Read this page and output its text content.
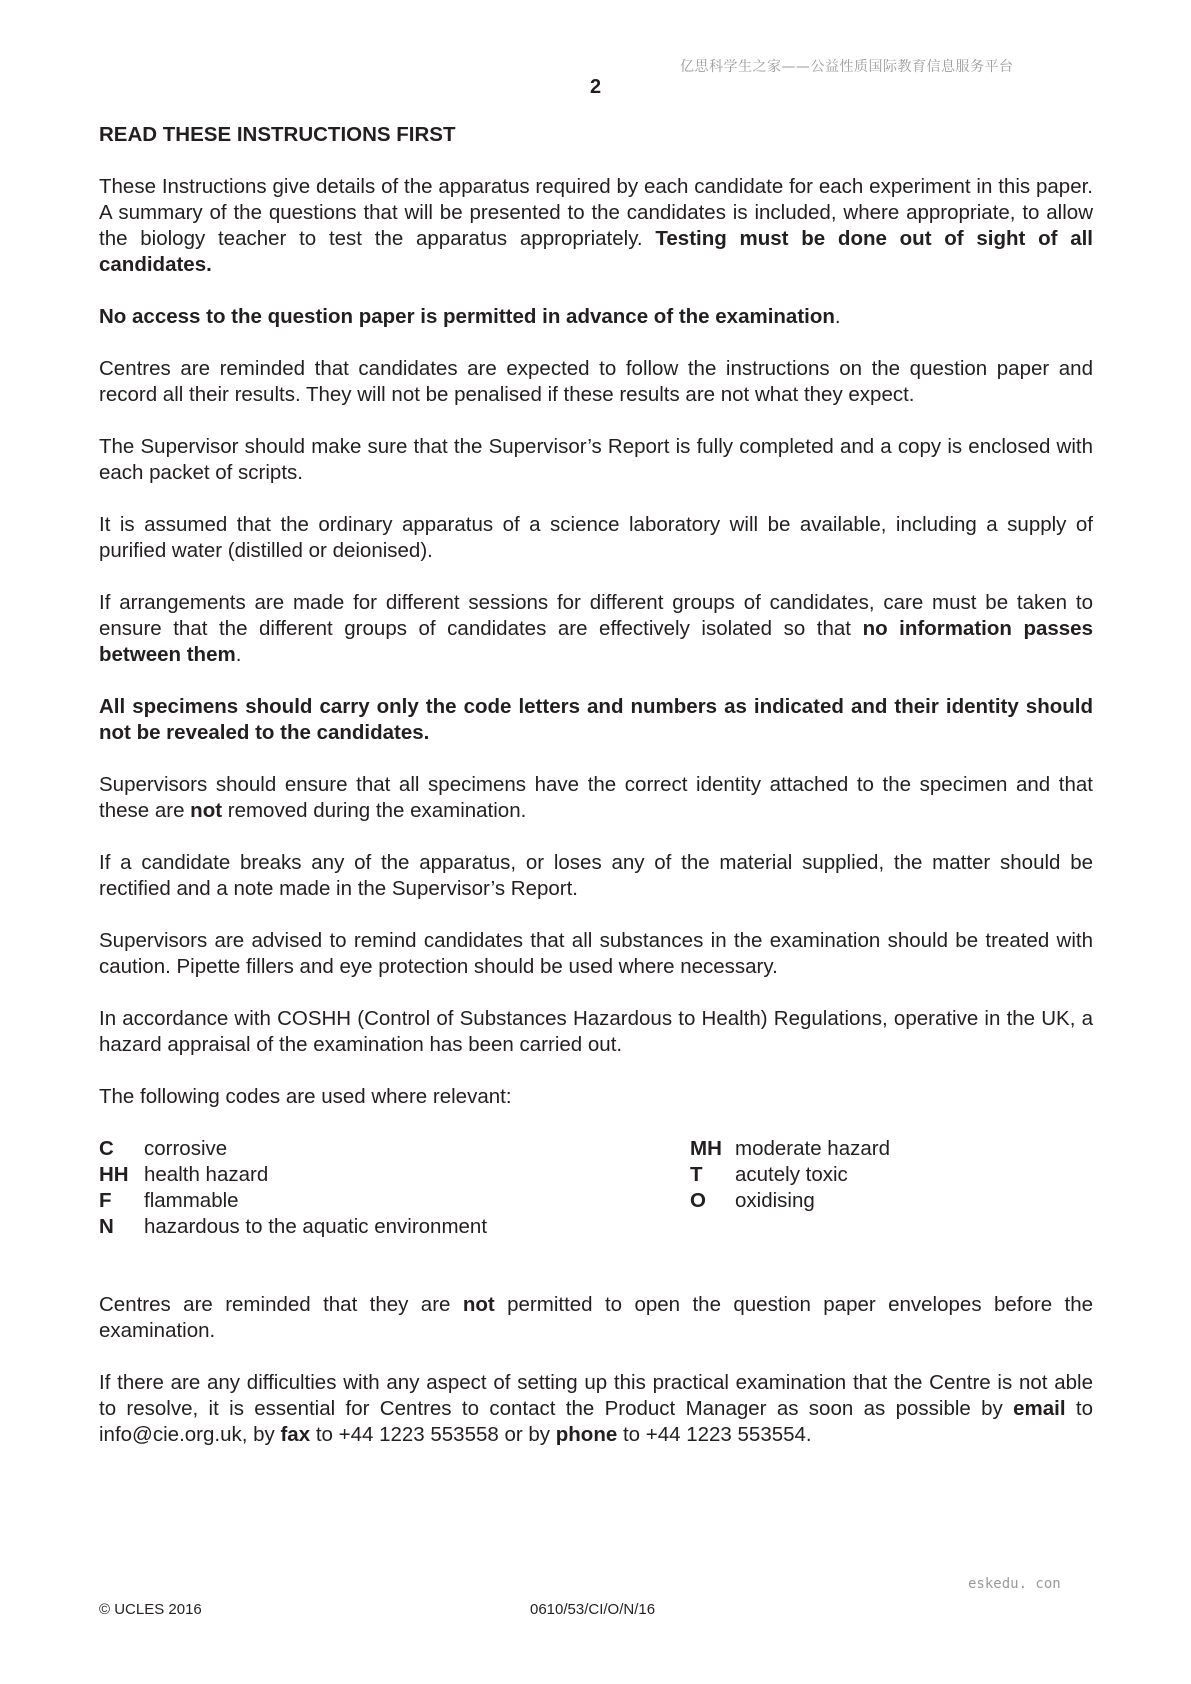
亿思科学生之家——公益性质国际教育信息服务平台
2

READ THESE INSTRUCTIONS FIRST

These Instructions give details of the apparatus required by each candidate for each experiment in this paper. A summary of the questions that will be presented to the candidates is included, where appropriate, to allow the biology teacher to test the apparatus appropriately. Testing must be done out of sight of all candidates.

No access to the question paper is permitted in advance of the examination.

Centres are reminded that candidates are expected to follow the instructions on the question paper and record all their results. They will not be penalised if these results are not what they expect.

The Supervisor should make sure that the Supervisor’s Report is fully completed and a copy is enclosed with each packet of scripts.

It is assumed that the ordinary apparatus of a science laboratory will be available, including a supply of purified water (distilled or deionised).

If arrangements are made for different sessions for different groups of candidates, care must be taken to ensure that the different groups of candidates are effectively isolated so that no information passes between them.

All specimens should carry only the code letters and numbers as indicated and their identity should not be revealed to the candidates.

Supervisors should ensure that all specimens have the correct identity attached to the specimen and that these are not removed during the examination.

If a candidate breaks any of the apparatus, or loses any of the material supplied, the matter should be rectified and a note made in the Supervisor’s Report.

Supervisors are advised to remind candidates that all substances in the examination should be treated with caution. Pipette fillers and eye protection should be used where necessary.

In accordance with COSHH (Control of Substances Hazardous to Health) Regulations, operative in the UK, a hazard appraisal of the examination has been carried out.

The following codes are used where relevant:

C	corrosive
HH health hazard
F	flammable
N	hazardous to the aquatic environment
MH moderate hazard
T	acutely toxic
O	oxidising

Centres are reminded that they are not permitted to open the question paper envelopes before the examination.

If there are any difficulties with any aspect of setting up this practical examination that the Centre is not able to resolve, it is essential for Centres to contact the Product Manager as soon as possible by email to info@cie.org.uk, by fax to +44 1223 553558 or by phone to +44 1223 553554.

eskedu. con
© UCLES 2016	0610/53/CI/O/N/16
